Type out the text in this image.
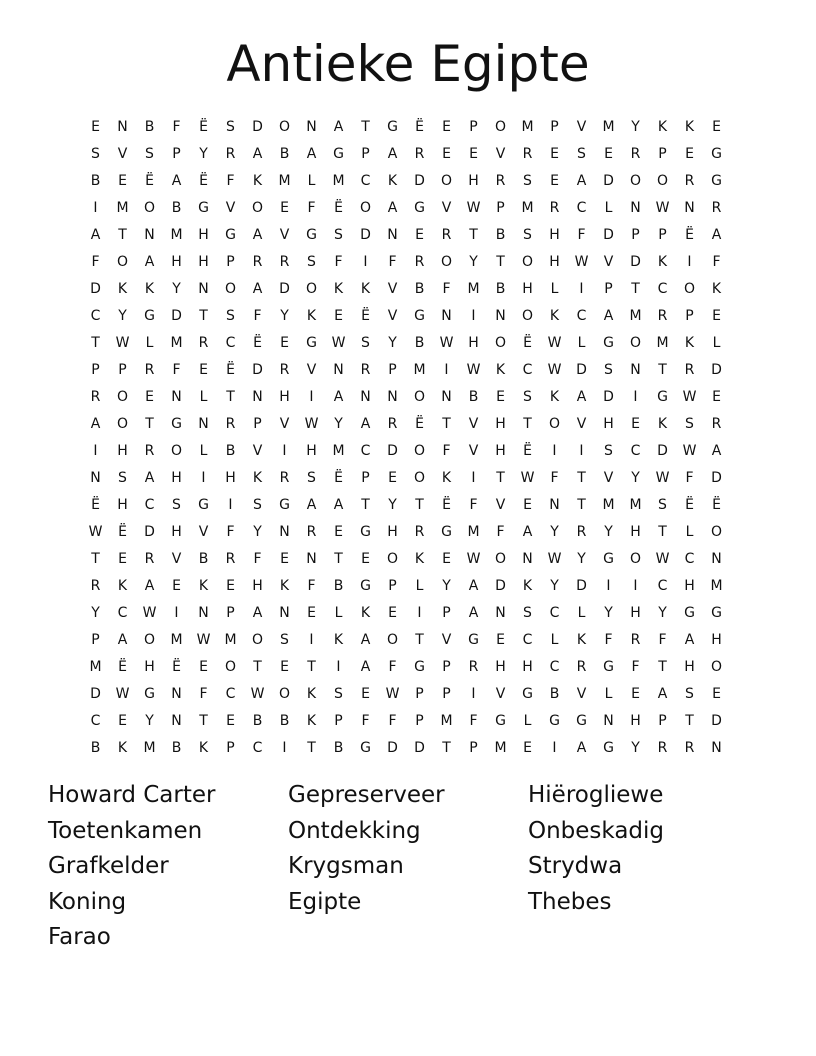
Antieke Egipte
E	N	B	F	Ë	S	D	O	N	A	T	G	Ë	E	P	O	M	P	V	M	Y	K	K	E
S	V	S	P	Y	R	A	B	A	G	P	A	R	E	E	V	R	E	S	E	R	P	E	G
B	E	Ë	A	Ë	F	K	M	L	M	C	K	D	O	H	R	S	E	A	D	O	O	R	G
I	M	O	B	G	V	O	E	F	Ë	O	A	G	V	W	P	M	R	C	L	N	W	N	R
A	T	N	M	H	G	A	V	G	S	D	N	E	R	T	B	S	H	F	D	P	P	Ë	A
F	O	A	H	H	P	R	R	S	F	I	F	R	O	Y	T	O	H	W	V	D	K	I	F
D	K	K	Y	N	O	A	D	O	K	K	V	B	F	M	B	H	L	I	P	T	C	O	K
C	Y	G	D	T	S	F	Y	K	E	Ë	V	G	N	I	N	O	K	C	A	M	R	P	E
T	W	L	M	R	C	Ë	E	G	W	S	Y	B	W	H	O	Ë	W	L	G	O	M	K	L
P	P	R	F	E	Ë	D	R	V	N	R	P	M	I	W	K	C	W	D	S	N	T	R	D
R	O	E	N	L	T	N	H	I	A	N	N	O	N	B	E	S	K	A	D	I	G	W	E
A	O	T	G	N	R	P	V	W	Y	A	R	Ë	T	V	H	T	O	V	H	E	K	S	R
I	H	R	O	L	B	V	I	H	M	C	D	O	F	V	H	Ë	I	I	S	C	D	W	A
N	S	A	H	I	H	K	R	S	Ë	P	E	O	K	I	T	W	F	T	V	Y	W	F	D
Ë	H	C	S	G	I	S	G	A	A	T	Y	T	Ë	F	V	E	N	T	M	M	S	Ë	Ë
W	Ë	D	H	V	F	Y	N	R	E	G	H	R	G	M	F	A	Y	R	Y	H	T	L	O
T	E	R	V	B	R	F	E	N	T	E	O	K	E	W	O	N	W	Y	G	O	W	C	N
R	K	A	E	K	E	H	K	F	B	G	P	L	Y	A	D	K	Y	D	I	I	C	H	M
Y	C	W	I	N	P	A	N	E	L	K	E	I	P	A	N	S	C	L	Y	H	Y	G	G
P	A	O	M	W	M	O	S	I	K	A	O	T	V	G	E	C	L	K	F	R	F	A	H
M	Ë	H	Ë	E	O	T	E	T	I	A	F	G	P	R	H	H	C	R	G	F	T	H	O
D	W	G	N	F	C	W	O	K	S	E	W	P	P	I	V	G	B	V	L	E	A	S	E
C	E	Y	N	T	E	B	B	K	P	F	F	P	M	F	G	L	G	G	N	H	P	T	D
B	K	M	B	K	P	C	I	T	B	G	D	D	T	P	M	E	I	A	G	Y	R	R	N
Howard Carter	Gepreserveer	Hiërogliewe
Toetenkamen	Ontdekking	Onbeskadig
Grafkelder	Krygsman	Strydwa
Koning	Egipte	Thebes
Farao
